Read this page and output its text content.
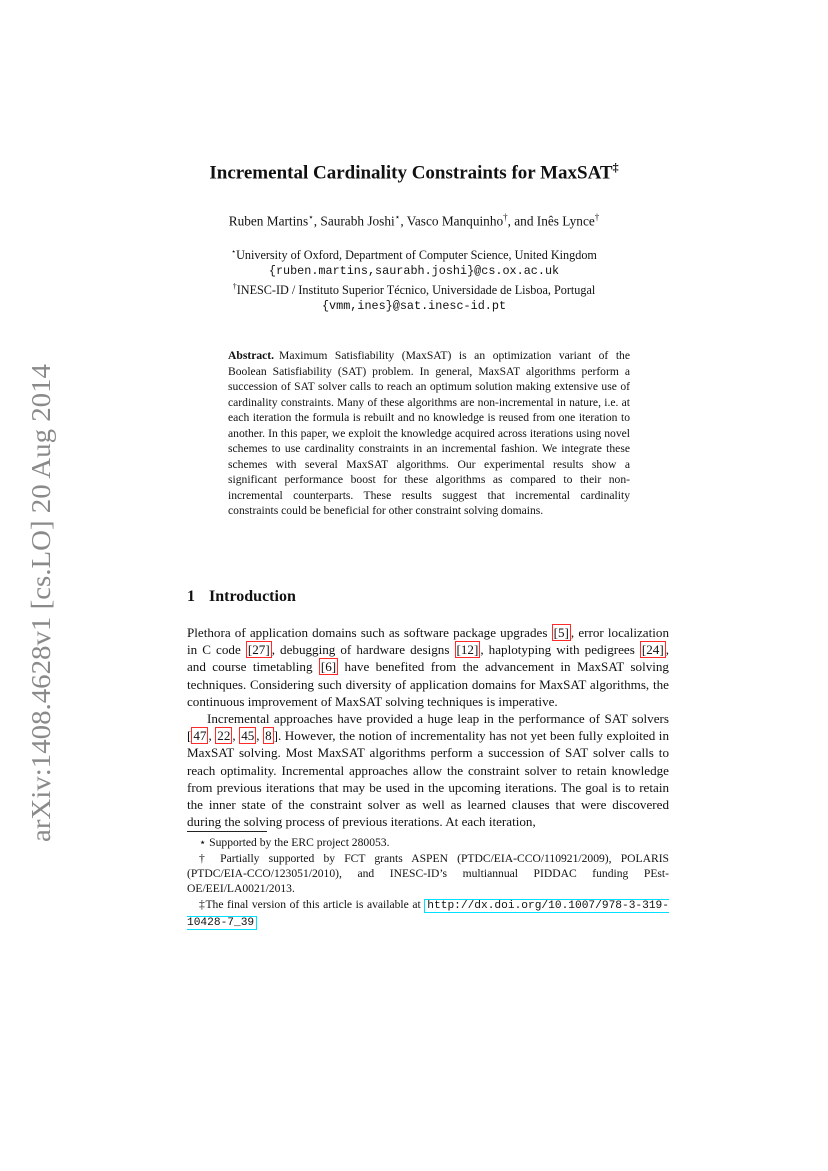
arXiv:1408.4628v1 [cs.LO] 20 Aug 2014
Incremental Cardinality Constraints for MaxSAT‡
Ruben Martins⋆, Saurabh Joshi⋆, Vasco Manquinho†, and Inês Lynce†
⋆University of Oxford, Department of Computer Science, United Kingdom
{ruben.martins,saurabh.joshi}@cs.ox.ac.uk
†INESC-ID / Instituto Superior Técnico, Universidade de Lisboa, Portugal
{vmm,ines}@sat.inesc-id.pt
Abstract. Maximum Satisfiability (MaxSAT) is an optimization variant of the Boolean Satisfiability (SAT) problem. In general, MaxSAT algorithms perform a succession of SAT solver calls to reach an optimum solution making extensive use of cardinality constraints. Many of these algorithms are non-incremental in nature, i.e. at each iteration the formula is rebuilt and no knowledge is reused from one iteration to another. In this paper, we exploit the knowledge acquired across iterations using novel schemes to use cardinality constraints in an incremental fashion. We integrate these schemes with several MaxSAT algorithms. Our experimental results show a significant performance boost for these algorithms as compared to their non-incremental counterparts. These results suggest that incremental cardinality constraints could be beneficial for other constraint solving domains.
1 Introduction

Plethora of application domains such as software package upgrades [5] , error localization in C code [27] , debugging of hardware designs [12] , haplotyping with pedigrees [24] , and course timetabling [6] have benefited from the advancement in MaxSAT solving techniques. Considering such diversity of application domains for MaxSAT algorithms, the continuous improvement of MaxSAT solving techniques is imperative.

Incremental approaches have provided a huge leap in the performance of SAT solvers [ 47 , 22 , 45 , 8 ]. However, the notion of incrementality has not yet been fully exploited in MaxSAT solving. Most MaxSAT algorithms perform a succession of SAT solver calls to reach optimality. Incremental approaches allow the constraint solver to retain knowledge from previous iterations that may be used in the upcoming iterations. The goal is to retain the inner state of the constraint solver as well as learned clauses that were discovered during the solving process of previous iterations. At each iteration,

⋆ Supported by the ERC project 280053.

† Partially supported by FCT grants ASPEN (PTDC/EIA-CCO/110921/2009), POLARIS (PTDC/EIA-CCO/123051/2010), and INESC-ID’s multiannual PIDDAC funding PEst-OE/EEI/LA0021/2013.

‡The final version of this article is available at http://dx.doi.org/10.1007/978-3-319-10428-7_39
